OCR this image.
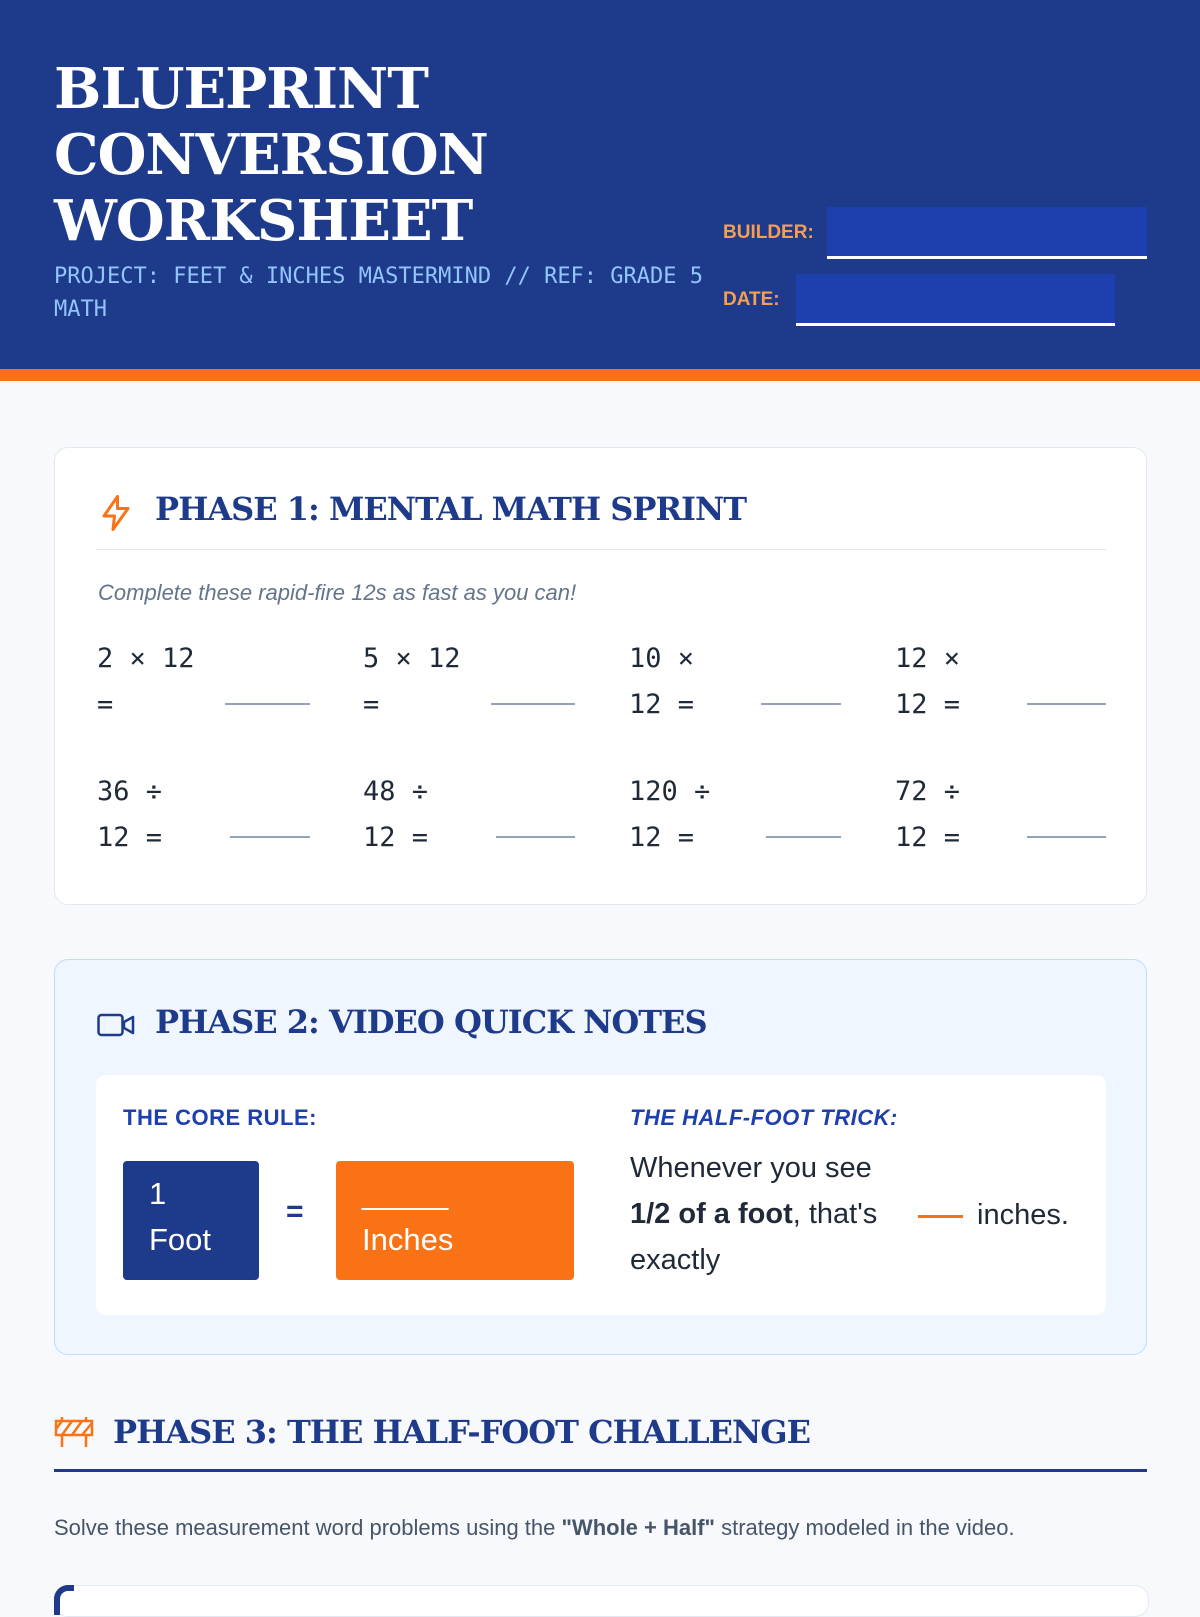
BLUEPRINT CONVERSION WORKSHEET
PROJECT: FEET & INCHES MASTERMIND // REF: GRADE 5 MATH
BUILDER:
DATE:
PHASE 1: MENTAL MATH SPRINT
Complete these rapid-fire 12s as fast as you can!
2 × 12 =
5 × 12 =
10 × 12 =
12 × 12 =
36 ÷ 12 =
48 ÷ 12 =
120 ÷ 12 =
72 ÷ 12 =
PHASE 2: VIDEO QUICK NOTES
THE CORE RULE:
1 Foot
=
_____
Inches
THE HALF-FOOT TRICK:
Whenever you see 1/2 of a foot, that's exactly
inches.
PHASE 3: THE HALF-FOOT CHALLENGE
Solve these measurement word problems using the "Whole + Half" strategy modeled in the video.
